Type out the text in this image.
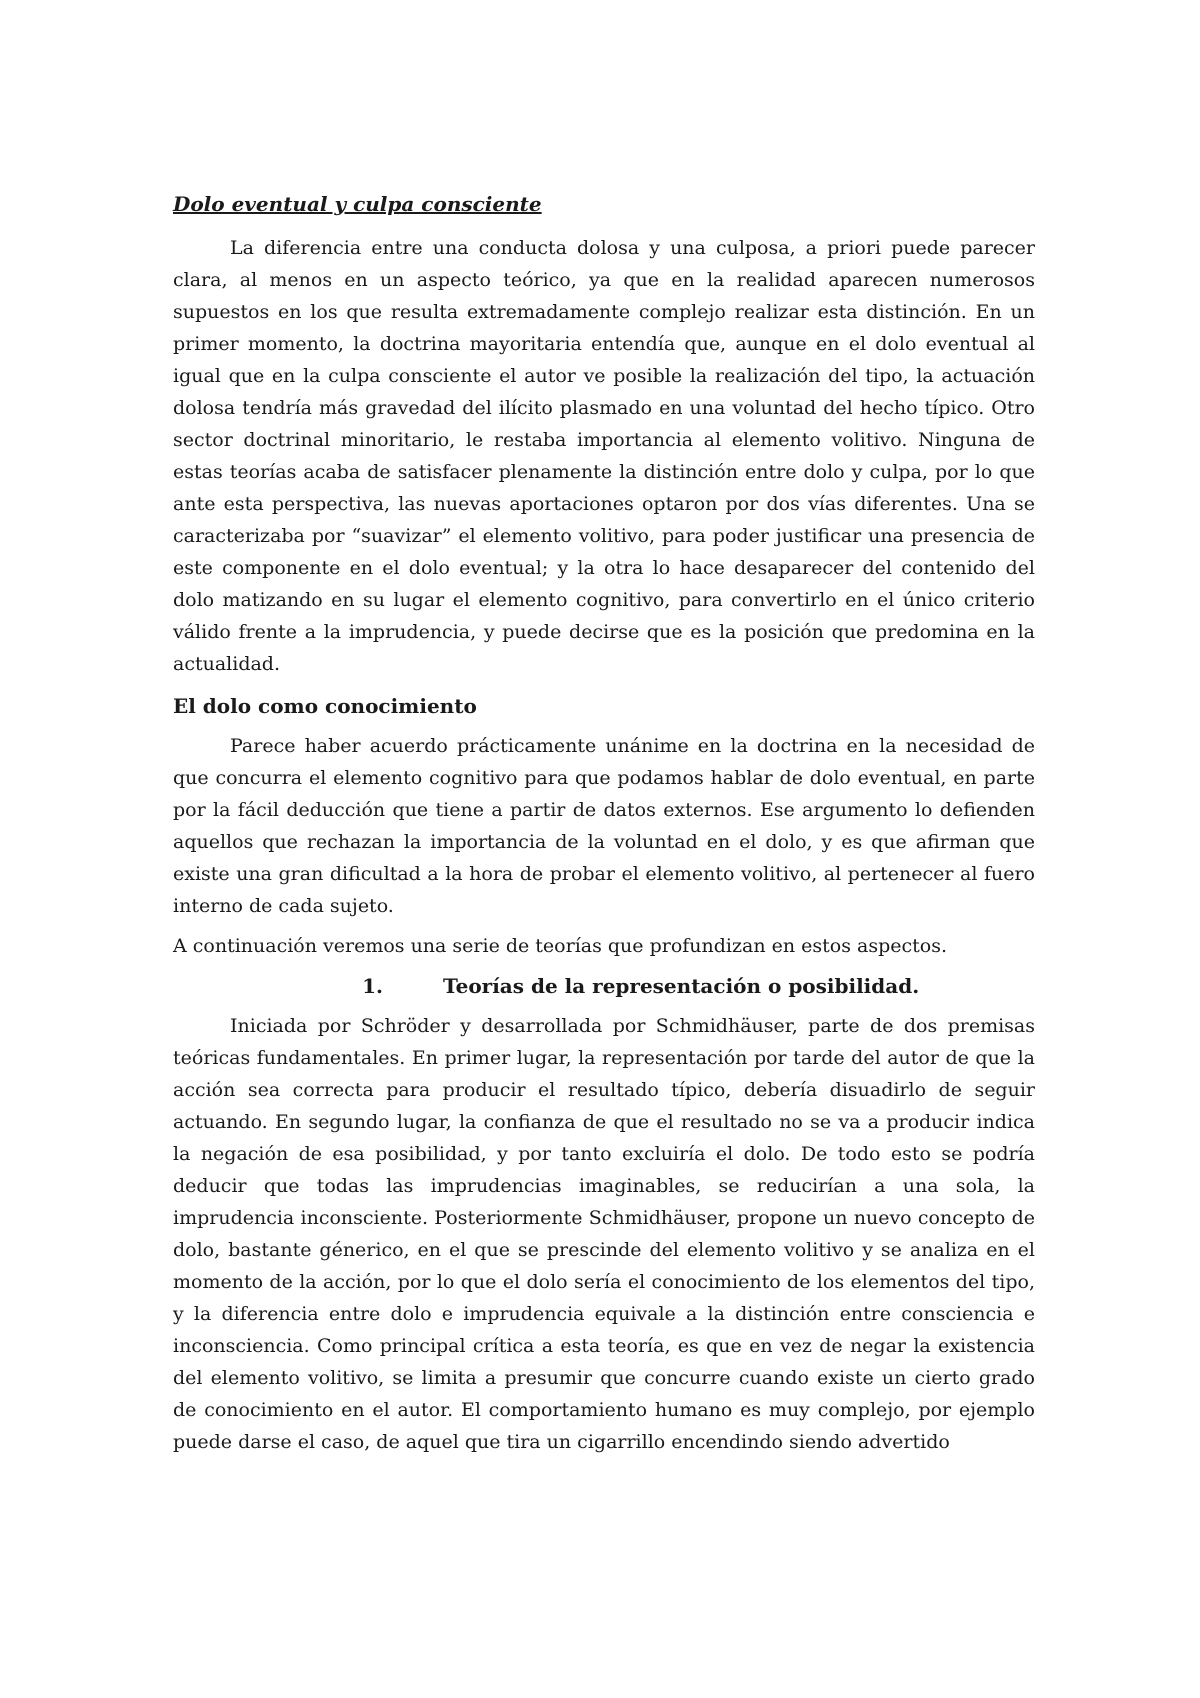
Dolo eventual y culpa consciente

La diferencia entre una conducta dolosa y una culposa, a priori puede parecer clara, al menos en un aspecto teórico, ya que en la realidad aparecen numerosos supuestos en los que resulta extremadamente complejo realizar esta distinción. En un primer momento, la doctrina mayoritaria entendía que, aunque en el dolo eventual al igual que en la culpa consciente el autor ve posible la realización del tipo, la actuación dolosa tendría más gravedad del ilícito plasmado en una voluntad del hecho típico. Otro sector doctrinal minoritario, le restaba importancia al elemento volitivo. Ninguna de estas teorías acaba de satisfacer plenamente la distinción entre dolo y culpa, por lo que ante esta perspectiva, las nuevas aportaciones optaron por dos vías diferentes. Una se caracterizaba por “suavizar” el elemento volitivo, para poder justificar una presencia de este componente en el dolo eventual; y la otra lo hace desaparecer del contenido del dolo matizando en su lugar el elemento cognitivo, para convertirlo en el único criterio válido frente a la imprudencia, y puede decirse que es la posición que predomina en la actualidad.

El dolo como conocimiento

Parece haber acuerdo prácticamente unánime en la doctrina en la necesidad de que concurra el elemento cognitivo para que podamos hablar de dolo eventual, en parte por la fácil deducción que tiene a partir de datos externos. Ese argumento lo defienden aquellos que rechazan la importancia de la voluntad en el dolo, y es que afirman que existe una gran dificultad a la hora de probar el elemento volitivo, al pertenecer al fuero interno de cada sujeto.

A continuación veremos una serie de teorías que profundizan en estos aspectos.

1.	Teorías de la representación o posibilidad.

Iniciada por Schröder y desarrollada por Schmidhäuser, parte de dos premisas teóricas fundamentales. En primer lugar, la representación por tarde del autor de que la acción sea correcta para producir el resultado típico, debería disuadirlo de seguir actuando. En segundo lugar, la confianza de que el resultado no se va a producir indica la negación de esa posibilidad, y por tanto excluiría el dolo. De todo esto se podría deducir que todas las imprudencias imaginables, se reducirían a una sola, la imprudencia inconsciente. Posteriormente Schmidhäuser, propone un nuevo concepto de dolo, bastante génerico, en el que se prescinde del elemento volitivo y se analiza en el momento de la acción, por lo que el dolo sería el conocimiento de los elementos del tipo, y la diferencia entre dolo e imprudencia equivale a la distinción entre consciencia e inconsciencia. Como principal crítica a esta teoría, es que en vez de negar la existencia del elemento volitivo, se limita a presumir que concurre cuando existe un cierto grado de conocimiento en el autor. El comportamiento humano es muy complejo, por ejemplo puede darse el caso, de aquel que tira un cigarrillo encendindo siendo advertido
